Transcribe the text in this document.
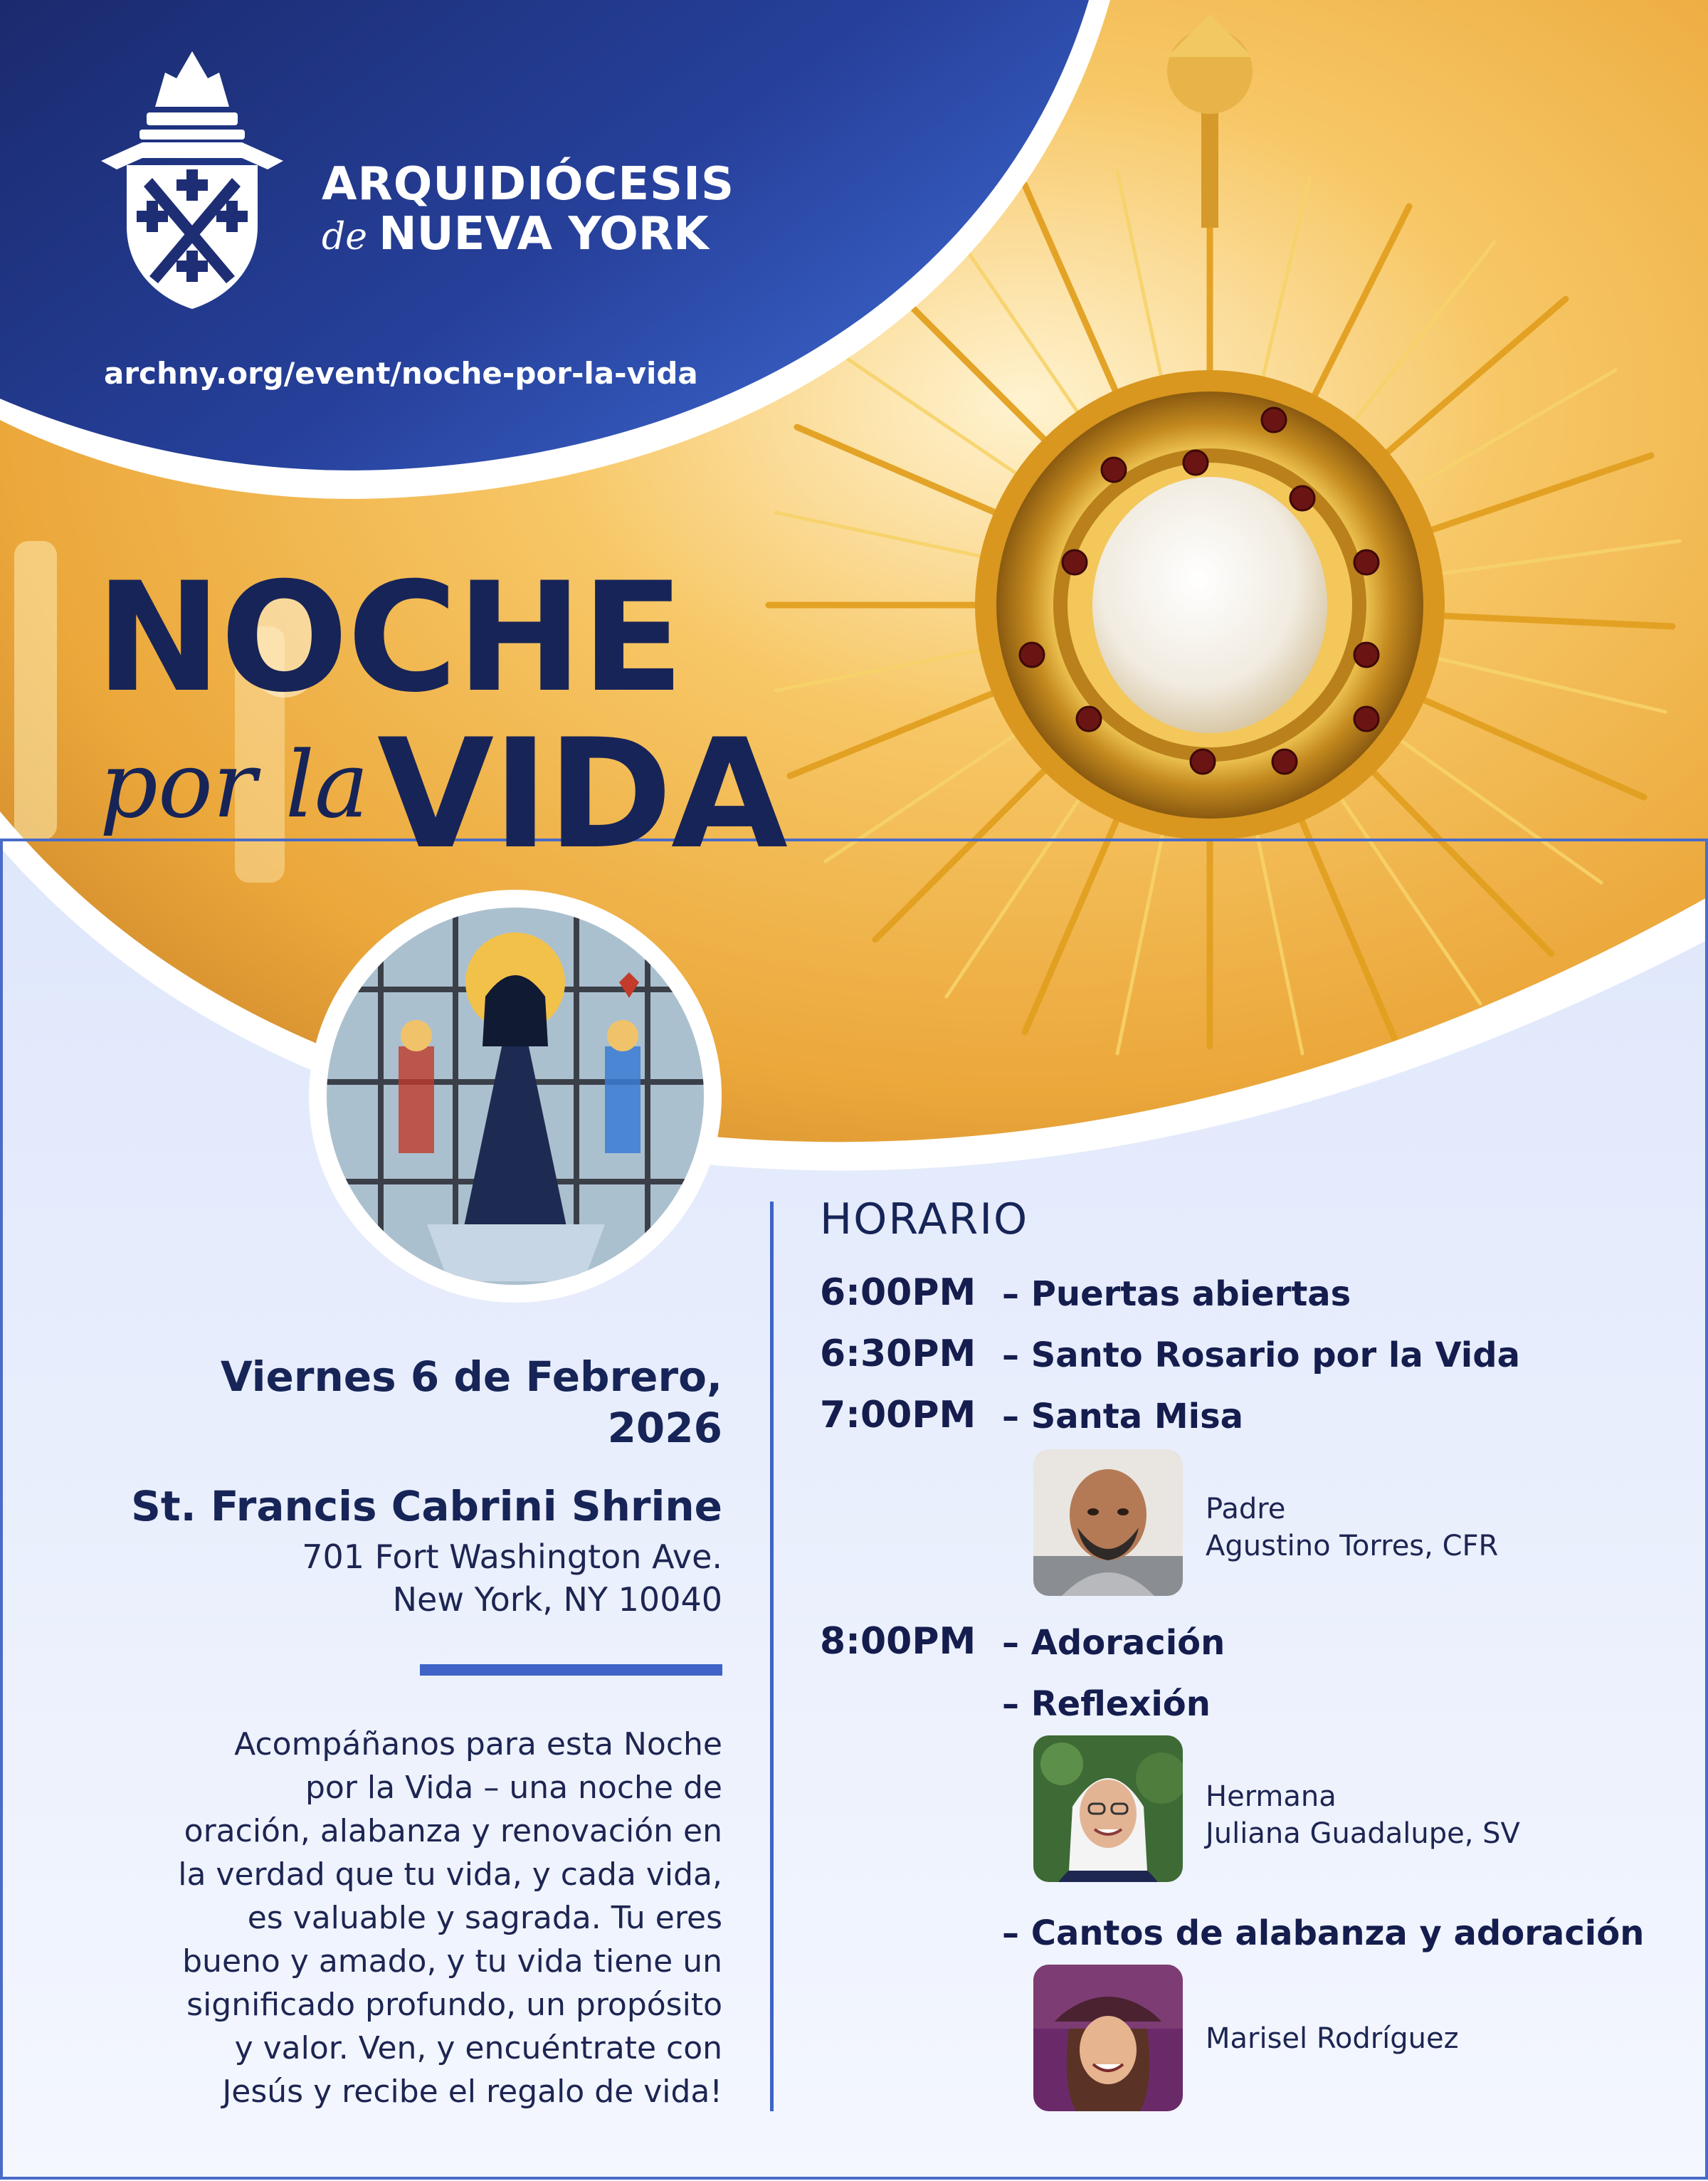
ARQUIDIÓCESIS
de NUEVA YORK
archny.org/event/noche-por-la-vida
NOCHE
por la VIDA
Viernes 6 de Febrero,
2026
St. Francis Cabrini Shrine
701 Fort Washington Ave.
New York, NY 10040
Acompáñanos para esta Noche
por la Vida – una noche de
oración, alabanza y renovación en
la verdad que tu vida, y cada vida,
es valuable y sagrada. Tu eres
bueno y amado, y tu vida tiene un
significado profundo, un propósito
y valor. Ven, y encuéntrate con
Jesús y recibe el regalo de vida!
HORARIO
6:00PM – Puertas abiertas
6:30PM – Santo Rosario por la Vida
7:00PM – Santa Misa
Padre
Agustino Torres, CFR
8:00PM – Adoración
– Reflexión
Hermana
Juliana Guadalupe, SV
– Cantos de alabanza y adoración
Marisel Rodríguez
